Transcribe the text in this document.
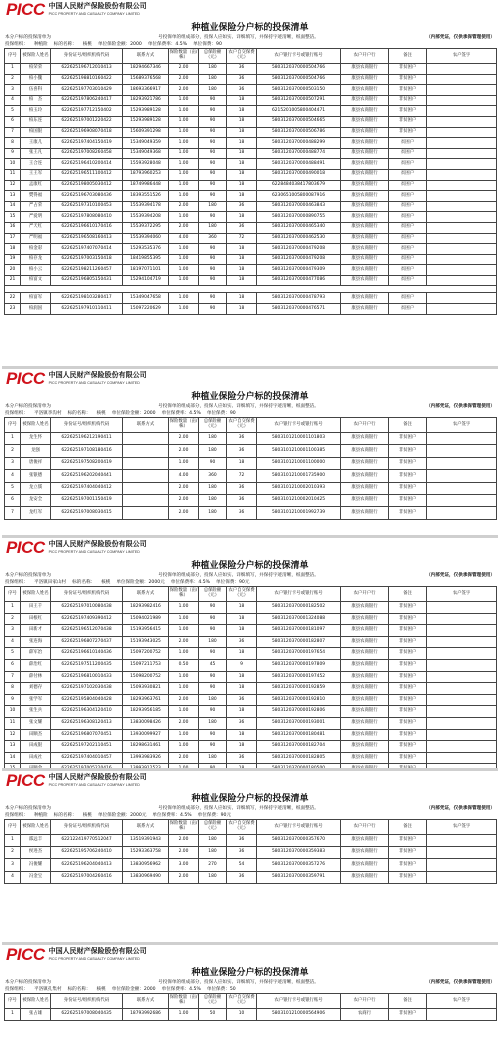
PICC 中国人民财产保险股份有限公司
PICC PROPERTY AND CASUALTY COMPANY LIMITED
种植业保险分户标的投保清单
本分户标的投保清单为	号投保单的组成部分，投保人应如实、详细填写，并保持字迹清晰，纸面整洁。	（内部凭证，仅供承保管理使用）
投保组织： 种植险 标的名称： 核桃 单位保险金额：2000 单位保费率：4.5% 单位保费：90
序号	被保险人姓名	身份证号/组织机构代码	联系方式	保险数量（亩/株）	总保险额（元）	农户自交保费（元）	农户银行卡号或银行账号	农户开户行	备注	农户签字
1	柏荣荣	622625196712010413	18294667346	2.00	180	36	5803120370000504766	康县农商银行	非贫困户	
2	柏小魏	622625198810160422	15689376568	2.00	180	36	5803120370000504766	康县农商银行	非贫困户	
3	伍喜科	622625197703010429	18693366917	2.00	180	36	5803120370000503150	康县农商银行	非贫困户	
4	柏　杰	622625197806240417	18293921786	1.00	90	18	5803120370000507291	康县农商银行	非贫困户	
5	柏玉玲	622625197712150402	15293989128	1.00	90	18	6215201005800404471	康县农商银行	非贫困户	
6	柏东连	622625197001220422	15293989128	1.00	90	18	5803120370000504665	康县农商银行	非贫困户	
7	柏国银	622625196908070418	15609391298	1.00	90	18	5803120370000506786	康县农商银行	非贫困户	
8	王康儿	622625197404150419	15349049359	1.00	90	18	5803120370000488299	康县农商银行	贫困户	
9	张王凡	622625197008260458	15349049368	1.00	90	18	5803120370000488774	康县农商银行	贫困户	
10	王合连	622625196410200414	15593928048	1.00	90	18	5803120370000488491	康县农商银行	贫困户	
11	王王军	622625196511100412	18793960253	1.00	90	18	5803120370000490018	康县农商银行	贫困户	
12	孟康红	622625198005030412	18749986448	1.00	90	18	6228484038417803679	康县农商银行	贫困户	
13	樊得福	622625196703080436	18393551526	1.00	90	18	6230651005800087916	康县农商银行	贫困户	
14	严占荣	622625197310100453	15539394178	2.00	180	36	5803120370000463843	康县农商银行	贫困户	
15	严爱明	622625197808080410	15539394208	1.00	90	18	5803120370000890755	康县农商银行	贫困户	
16	严天红	622625196610170416	15539372295	2.00	180	36	5803120370000465340	康县农商银行	贫困户	
17	严明福	622625196508160413	15539394060	4.00	360	72	5803120370000462530	康县农商银行	贫困户	
18	柏金彩	622625197407070414	15293535376	1.00	90	18	5803120370000479208	康县农商银行	贫困户	
19	柏存龙	622625197003150418	18419855395	1.00	90	18	5803120370000479208	康县农商银行	贫困户	
20	柏小云	622625198211260457	18197071101	1.00	90	18	5803120370000479309	康县农商银行	贫困户	
21	柏富文	622625196805150431	15294104719	1.00	90	18	5803120370000477086	康县农商银行	贫困户	

22	柏富军	622625198103280417	15349047658	1.00	90	18	5803120370000478793	康县农商银行	贫困户	
23	柏润国	622625197910110411	15097220629	1.00	90	18	5803120370000476571	康县农商银行	贫困户	
PICC 中国人民财产保险股份有限公司
PICC PROPERTY AND CASUALTY COMPANY LIMITED
种植业保险分户标的投保清单
本分户标的投保清单为	号投保单的组成部分，投保人应如实、详细填写，并保持字迹清晰，纸面整洁。	（内部凭证，仅供承保管理使用）
投保组织： 平洛镇李沟村 标的名称： 核桃 单位保险金额：2000 单位保费率：4.5% 单位保费：90
序号	被保险人姓名	身份证号/组织机构代码	联系方式	保险数量（亩/株）	总保险额（元）	农户自交保费（元）	农户银行卡号或银行账号	农户开户行	备注	农户签字
1	龙生怀	622625196212190411		2.00	180	36	5803101210001101803	康县农商银行	非贫困户	
2	龙强	622625197108180416		2.00	180	36	5803101210001100385	康县农商银行	非贫困户	
3	唐俊祥	622625197508200419		1.00	90	18	5803101210001100000	康县农商银行	非贫困户	
4	张银德	622625196202040441		4.00	360	72	5803101210001735900	康县农商银行	非贫困户	
5	龙立儒	622625197404040412		2.00	180	36	5803101210002010393	康县农商银行	非贫困户	
6	龙安全	622625197001150419		2.00	180	36	5803101210002010425	康县农商银行	非贫困户	
7	龙红军	622625197008030415		2.00	180	36	5803101210001992739	康县农商银行	非贫困户	
PICC 中国人民财产保险股份有限公司
PICC PROPERTY AND CASUALTY COMPANY LIMITED
种植业保险分户标的投保清单
本分户标的投保清单为	号投保单的组成部分，投保人应如实、详细填写，并保持字迹清晰，纸面整洁。	（内部凭证，仅供承保管理使用）
投保组织： 平洛镇田家山村 标的名称： 核桃 单位保险金额：2000元 单位保费率：4.5% 单位保费：90元
序号	被保险人姓名	身份证号/组织机构代码	联系方式	保险数量（亩/株）	总保险额（元）	农户自交保费（元）	农户银行卡号或银行账号	农户开户行	备注	农户签字
1	田王千	622625197010080438	18293982416	1.00	90	18	5803120370000182502	康县农商银行	非贫困户	
2	田根红	622625197409390412	15094021989	1.00	90	18	5803120370001324088	康县农商银行	非贫困户	
3	田新才	622625196512070438	15193956415	1.00	90	18	5803120370000181097	康县农商银行	非贫困户	
4	张连海	622625196807270437	15193943025	2.00	180	36	5803120370000182807	康县农商银行	非贫困户	
5	薛军治	622625196610140436	15097200752	1.00	90	18	5803120370000197654	康县农商银行	非贫困户	
6	薛治红	622625197511200435	15097211753	0.50	45	9	5803120370000197809	康县农商银行	非贫困户	
7	薛付林	622625196810010433	15098200752	1.00	90	18	5803120370000197452	康县农商银行	非贫困户	
8	刘德存	622625197102030438	15093930821	1.00	90	18	5803120370000192859	康县农商银行	非贫困户	
9	张学军	622625195804040428	18293963761	2.00	180	36	5803120370000192810	康县农商银行	非贫困户	
10	张生兵	622625196304120410	18293956185	1.00	90	18	5803120370000192806	康县农商银行	非贫困户	
11	张文耀	622625196308120413	13830098426	2.00	180	36	5803120370000193001	康县农商银行	非贫困户	
12	田顺杰	622625196807070451	13930099927	1.00	90	18	5803120370000180481	康县农商银行	非贫困户	
13	田成银	622625197202110451	18298631461	1.00	90	18	5803120370000182704	康县农商银行	非贫困户	
14	田成社	622625197404010457	13993983926	2.00	180	36	5803120370000182805	康县农商银行	非贫困户	

PICC 中国人民财产保险股份有限公司
PICC PROPERTY AND CASUALTY COMPANY LIMITED
种植业保险分户标的投保清单
本分户标的投保清单为	号投保单的组成部分，投保人应如实、详细填写，并保持字迹清晰，纸面整洁。	（内部凭证，仅供承保管理使用）
投保组织： 种植险 标的名称： 核桃 单位保险金额：2000元 单位保费率：4.5% 单位保费：90元
序号	被保险人姓名	身份证号/组织机构代码	联系方式	保险数量（亩/株）	总保险额（元）	农户自交保费（元）	农户银行卡号或银行账号	农户开户行	备注	农户签字
1	邵远丰	622122419770512047	13519391943	2.00	180	36	5803120370000357670	康县农商银行	非贫困户	
2	侯进杰	622625195706240410	15293363758	2.00	180	36	5803120370000359383	康县农商银行	非贫困户	
3	冯俊耀	622625196204040413	13830956962	3.00	270	54	5803120370000357276	康县农商银行	非贫困户	
4	冯金宝	622625197004260416	13830969490	2.00	180	36	5803120370000359791	康县农商银行	非贫困户	
PICC 中国人民财产保险股份有限公司
PICC PROPERTY AND CASUALTY COMPANY LIMITED
种植业保险分户标的投保清单
本分户标的投保清单为	号投保单的组成部分，投保人应如实、详细填写，并保持字迹清晰，纸面整洁。	（内部凭证，仅供承保管理使用）
投保组织： 平洛镇孔集村 标的名称： 核桃 单位保险金额：2000 单位保费率：4.5% 单位保费：50
序号	被保险人姓名	身份证号/组织机构代码	联系方式	保险数量（亩/株）	总保险额（元）	农户自交保费（元）	农户银行卡号或银行账号	农户开户行	备注	农户签字
1	张占雄	622625197008040435	18793992686	1.00	50	10	5803101210000564906	农商行	非贫困户	
